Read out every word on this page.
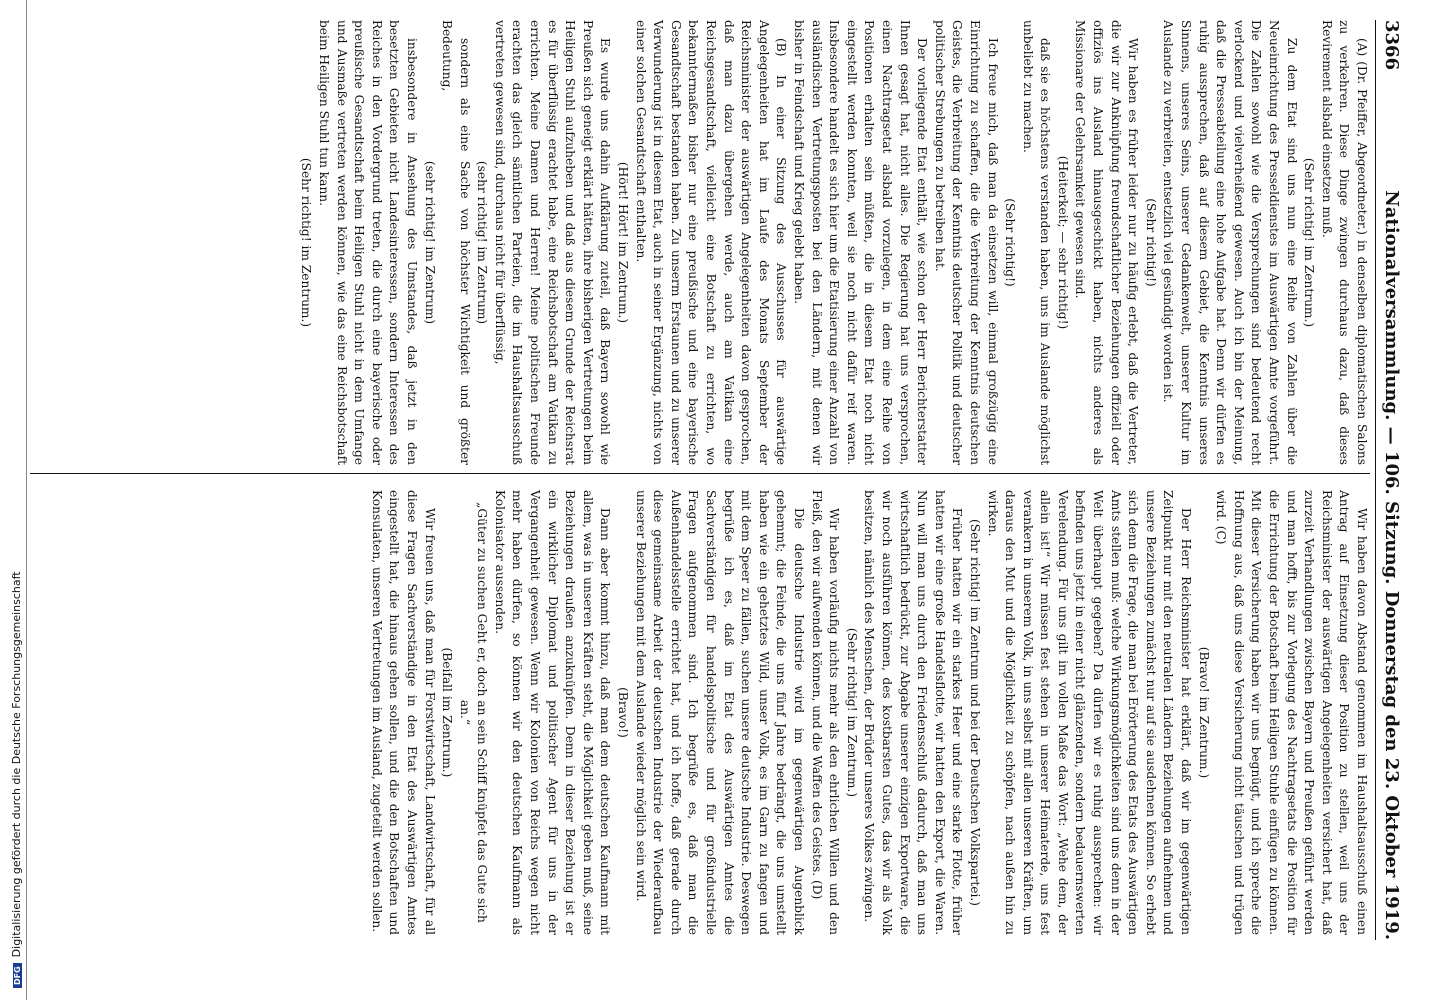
3366
Nationalversammlung. — 106. Sitzung. Donnerstag den 23. Oktober 1919.

(A) (Dr. Pfeiffer, Abgeordneter.) in denselben diplomatischen Salons zu verkehren. Diese Dinge zwingen durchaus dazu, daß dieses Revirement alsbald einsetzen muß.

(Sehr richtig! im Zentrum.)

Zu dem Etat sind uns nun eine Reihe von Zahlen über die Neueinrichtung des Presseldienstes im Auswärtigen Amte vorgeführt. Die Zahlen sowohl wie die Versprechungen sind bedeutend recht verlockend und vielverheißend gewesen. Auch ich bin der Meinung, daß die Presseabteilung eine hohe Aufgabe hat. Denn wir dürfen es ruhig aussprechen, daß auf diesem Gebiet, die Kenntnis unseres Sinnens, unseres Seins, unserer Gedankenwelt, unserer Kultur im Auslande zu verbreiten, entsetzlich viel gesündigt worden ist.

(Sehr richtig!)

Wir haben es früher leider nur zu häufig erlebt, daß die Vertreter, die wir zur Anknüpfung freundschaftlicher Beziehungen offiziell oder offiziös ins Ausland hinausgeschickt haben, nichts anderes als Missionare der Gelehrsamkeit gewesen sind.

(Heiterkeit; — sehr richtig!)

daß sie es höchstens verstanden haben, uns im Auslande möglichst unbeliebt zu machen.

(Sehr richtig!)

Ich freue mich, daß man da einsetzen will, einmal großzügig eine Einrichtung zu schaffen, die die Verbreitung der Kenntnis deutschen Geistes, die Verbreitung der Kenntnis deutscher Politik und deutscher politischer Strebungen zu betreiben hat.

Der vorliegende Etat enthält, wie schon der Herr Berichterstatter Ihnen gesagt hat, nicht alles. Die Regierung hat uns versprochen, einen Nachtragsetat alsbald vorzulegen, in dem eine Reihe von Positionen erhalten sein müßten, die in diesem Etat noch nicht eingestellt werden konnten, weil sie noch nicht dafür reif waren. Insbesondere handelt es sich hier um die Etatisierung einer Anzahl von ausländischen Vertretungsposten bei den Ländern, mit denen wir bisher in Feindschaft und Krieg gelebt haben.

(B) In einer Sitzung des Ausschusses für auswärtige Angelegenheiten hat im Laufe des Monats September der Reichsminister der auswärtigen Angelegenheiten davon gesprochen, daß man dazu übergehen werde, auch am Vatikan eine Reichsgesandtschaft, vielleicht eine Botschaft zu errichten, wo bekanntermaßen bisher nur eine preußische und eine bayerische Gesandtschaft bestanden haben. Zu unserm Erstaunen und zu unserer Verwunderung ist in diesem Etat, auch in seiner Ergänzung, nichts von einer solchen Gesandtschaft enthalten.

(Hört! Hört! im Zentrum.)

Es wurde uns dahin Aufklärung zuteil, daß Bayern sowohl wie Preußen sich geneigt erklärt hätten, ihre bisherigen Vertretungen beim Heiligen Stuhl aufzuheben und daß aus diesem Grunde der Reichsrat es für überflüssig erachtet habe, eine Reichsbotschaft am Vatikan zu errichten. Meine Damen und Herren! Meine politischen Freunde erachten das gleich sämtlichen Parteien, die im Haushaltsausschuß vertreten gewesen sind, durchaus nicht für überflüssig,

(sehr richtig! im Zentrum)

sondern als eine Sache von höchster Wichtigkeit und größter Bedeutung,

(sehr richtig! im Zentrum)

insbesondere in Ansehung des Umstandes, daß jetzt in den besetzten Gebieten nicht Landesinteressen, sondern Interessen des Reiches in den Vordergrund treten, die durch eine bayerische oder preußische Gesandtschaft beim Heiligen Stuhl nicht in dem Umfange und Ausmaße vertreten werden können, wie das eine Reichsbotschaft beim Heiligen Stuhl tun kann.

(Sehr richtig! im Zentrum.)

Wir haben davon Abstand genommen im Haushaltsausschuß einen Antrag auf Einsetzung dieser Position zu stellen, weil uns der Reichsminister der auswärtigen Angelegenheiten versichert hat, daß zurzeit Verhandlungen zwischen Bayern und Preußen geführt werden und man hofft, bis zur Vorlegung des Nachtragsetats die Position für die Errichtung der Botschaft beim Heiligen Stuhle einfügen zu können. Mit dieser Versicherung haben wir uns begnügt, und ich spreche die Hoffnung aus, daß uns diese Versicherung nicht täuschen und trügen wird. (C)

(Bravo! im Zentrum.)

Der Herr Reichsminister hat erklärt, daß wir im gegenwärtigen Zeitpunkt nur mit den neutralen Ländern Beziehungen aufnehmen und unsere Beziehungen zunächst nur auf sie ausdehnen können. So erhebt sich denn die Frage, die man bei Erörterung des Etats des Auswärtigen Amts stellen muß: welche Wirkungsmöglichkeiten sind uns denn in der Welt überhaupt gegeben? Da dürfen wir es ruhig aussprechen: wir befinden uns jetzt in einer nicht glänzenden, sondern bedauernswerten Verelendung. Für uns gilt im vollen Maße das Wort: „Wehe dem, der allein ist!“ Wir müssen fest stehen in unserer Heimaterde, uns fest verankern in unserem Volk, in uns selbst mit allen unseren Kräften, um daraus den Mut und die Möglichkeit zu schöpfen, nach außen hin zu wirken.

(Sehr richtig! im Zentrum und bei der Deutschen Volkspartei.)

Früher hatten wir ein starkes Heer und eine starke Flotte, früher hatten wir eine große Handelsflotte, wir hatten den Export, die Waren. Nun will man uns durch den Friedensschluß dadurch, daß man uns wirtschaftlich bedrückt, zur Abgabe unserer einzigen Exportware, die wir noch ausführen können, des kostbarsten Gutes, das wir als Volk besitzen, nämlich des Menschen, der Brüder unseres Volkes zwingen.

(Sehr richtig! im Zentrum.)

Wir haben vorläufig nichts mehr als den ehrlichen Willen und den Fleiß, den wir aufwenden können, und die Waffen des Geistes. (D)

Die deutsche Industrie wird im gegenwärtigen Augenblick gehemmt; die Feinde, die uns fünf Jahre bedrängt, die uns umstellt haben wie ein gehetztes Wild, unser Volk, es im Garn zu fangen und mit dem Speer zu fällen, suchen unsere deutsche Industrie. Deswegen begrüße ich es, daß im Etat des Auswärtigen Amtes die Sachverständigen für handelspolitische und für großindustrielle Fragen aufgenommen sind. Ich begrüße es, daß man die Außenhandelsstelle errichtet hat, und ich hoffe, daß gerade durch diese gemeinsame Arbeit der deutschen Industrie der Wiederaufbau unserer Beziehungen mit dem Auslande wieder möglich sein wird.

(Bravo!)

Dann aber kommt hinzu, daß man dem deutschen Kaufmann mit allem, was in unseren Kräften steht, die Möglichkeit geben muß, seine Beziehungen draußen anzuknüpfen. Denn in dieser Beziehung ist er ein wirklicher Diplomat und politischer Agent für uns in der Vergangenheit gewesen. Wenn wir Kolonien von Reichs wegen nicht mehr haben dürfen, so können wir den deutschen Kaufmann als Kolonisator aussenden.

„Güter zu suchen Geht er, doch an sein Schiff knüpfet das Gute sich an.“

(Beifall im Zentrum.)

Wir freuen uns, daß man für Forstwirtschaft, Landwirtschaft, für all diese Fragen Sachverständige in den Etat des Auswärtigen Amtes eingestellt hat, die hinaus gehen sollen, und die den Botschaften und Konsulaten, unseren Vertretungen im Ausland, zugeteilt werden sollen.

DFGDigitalisierung gefördert durch die Deutsche Forschungsgemeinschaft
